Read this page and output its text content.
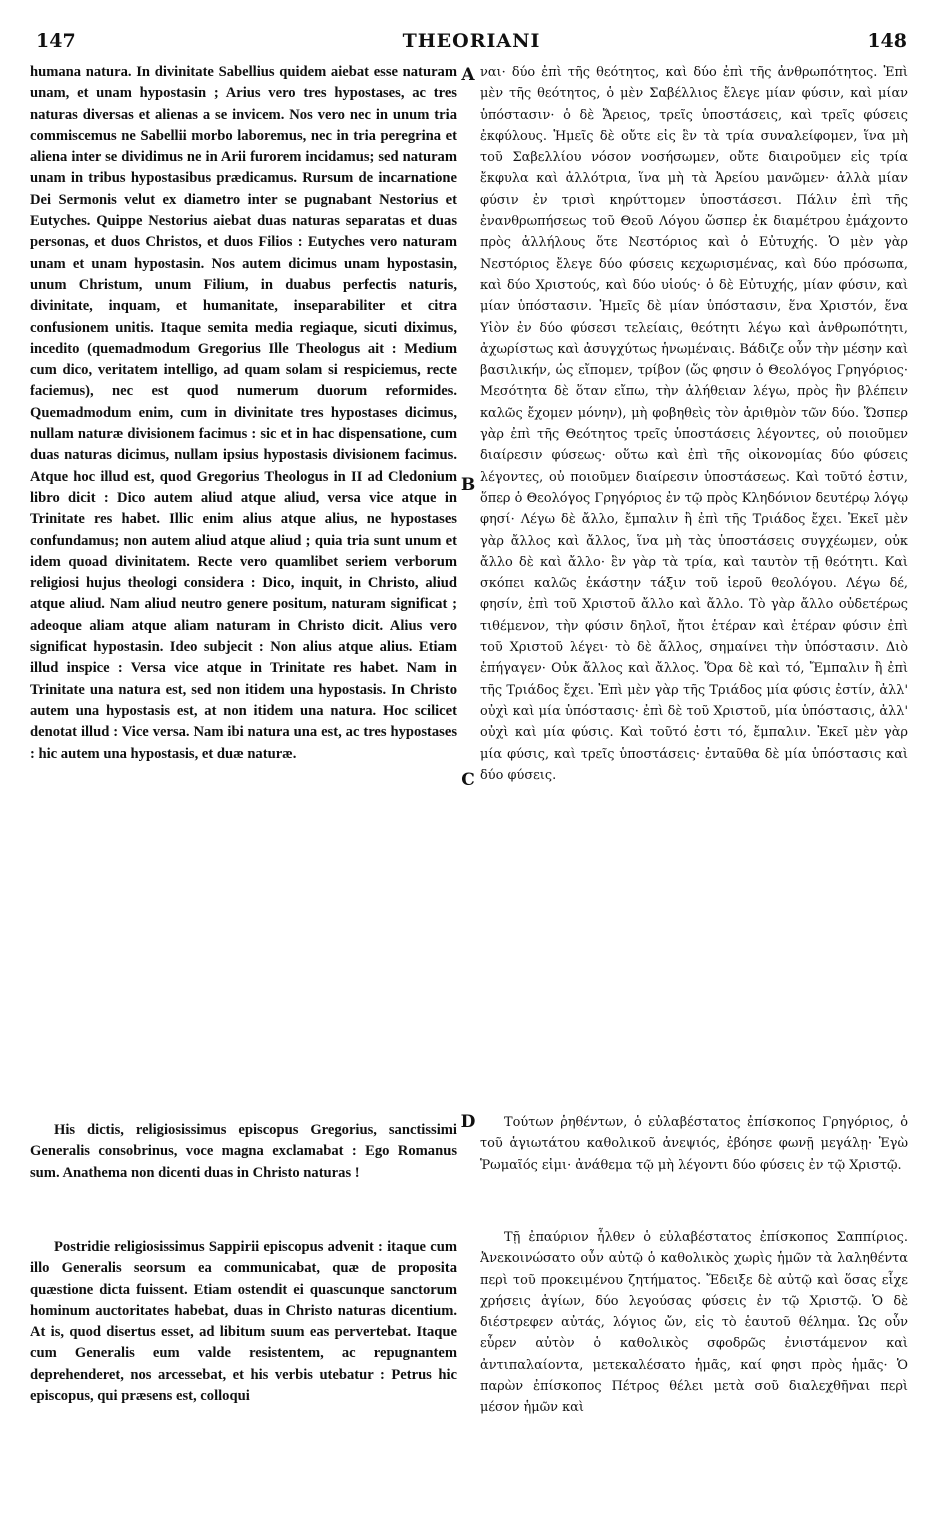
147	THEORIANI	148

humana natura. In divinitate Sabellius quidem aiebat esse naturam unam, et unam hypostasin ; Arius vero tres hypostases, ac tres naturas diversas et alienas a se invicem. Nos vero nec in unum tria commiscemus ne Sabellii morbo laboremus, nec in tria peregrina et aliena inter se dividimus ne in Arii furorem incidamus; sed naturam unam in tribus hypostasibus prædicamus. Rursum de incarnatione Dei Sermonis velut ex diametro inter se pugnabant Nestorius et Eutyches. Quippe Nestorius aiebat duas naturas separatas et duas personas, et duos Christos, et duos Filios : Eutyches vero naturam unam et unam hypostasin. Nos autem dicimus unam hypostasin, unum Christum, unum Filium, in duabus perfectis naturis, divinitate, inquam, et humanitate, inseparabiliter et citra confusionem unitis. Itaque semita media regiaque, sicuti diximus, incedito (quemadmodum Gregorius Ille Theologus ait : Medium cum dico, veritatem intelligo, ad quam solam si respiciemus, recte faciemus), nec est quod numerum duorum reformides. Quemadmodum enim, cum in divinitate tres hypostases dicimus, nullam naturæ divisionem facimus : sic et in hac dispensatione, cum duas naturas dicimus, nullam ipsius hypostasis divisionem facimus. Atque hoc illud est, quod Gregorius Theologus in II ad Cledonium libro dicit : Dico autem aliud atque aliud, versa vice atque in Trinitate res habet. Illic enim alius atque alius, ne hypostases confundamus; non autem aliud atque aliud ; quia tria sunt unum et idem quoad divinitatem. Recte vero quamlibet seriem verborum religiosi hujus theologi considera : Dico, inquit, in Christo, aliud atque aliud. Nam aliud neutro genere positum, naturam significat ; adeoque aliam atque aliam naturam in Christo dicit. Alius vero significat hypostasin. Ideo subjecit : Non alius atque alius. Etiam illud inspice : Versa vice atque in Trinitate res habet. Nam in Trinitate una natura est, sed non itidem una hypostasis. In Christo autem una hypostasis est, at non itidem una natura. Hoc scilicet denotat illud : Vice versa. Nam ibi natura una est, ac tres hypostases : hic autem una hypostasis, et duæ naturæ.

His dictis, religiosissimus episcopus Gregorius, sanctissimi Generalis consobrinus, voce magna exclamabat : Ego Romanus sum. Anathema non dicenti duas in Christo naturas !

Postridie religiosissimus Sappirii episcopus advenit : itaque cum illo Generalis seorsum ea communicabat, quæ de proposita quæstione dicta fuissent. Etiam ostendit ei quascunque sanctorum hominum auctoritates habebat, duas in Christo naturas dicentium. At is, quod disertus esset, ad libitum suum eas pervertebat. Itaque cum Generalis eum valde resistentem, ac repugnantem deprehenderet, nos arcessebat, et his verbis utebatur : Petrus hic episcopus, qui præsens est, colloqui

A
B
C
D

ναι· δύο ἐπὶ τῆς θεότητος, καὶ δύο ἐπὶ τῆς ἀνθρωπότητος. Ἐπὶ μὲν τῆς θεότητος, ὁ μὲν Σαβέλλιος ἔλεγε μίαν φύσιν, καὶ μίαν ὑπόστασιν· ὁ δὲ Ἄρειος, τρεῖς ὑποστάσεις, καὶ τρεῖς φύσεις ἐκφύλους. Ἡμεῖς δὲ οὔτε εἰς ἓν τὰ τρία συναλείφομεν, ἵνα μὴ τοῦ Σαβελλίου νόσον νοσήσωμεν, οὔτε διαιροῦμεν εἰς τρία ἔκφυλα καὶ ἀλλότρια, ἵνα μὴ τὰ Ἀρείου μανῶμεν· ἀλλὰ μίαν φύσιν ἐν τρισὶ κηρύττομεν ὑποστάσεσι. Πάλιν ἐπὶ τῆς ἐνανθρωπήσεως τοῦ Θεοῦ Λόγου ὥσπερ ἐκ διαμέτρου ἐμάχοντο πρὸς ἀλλήλους ὅτε Νεστόριος καὶ ὁ Εὐτυχής. Ὁ μὲν γὰρ Νεστόριος ἔλεγε δύο φύσεις κεχωρισμένας, καὶ δύο πρόσωπα, καὶ δύο Χριστούς, καὶ δύο υἱούς· ὁ δὲ Εὐτυχής, μίαν φύσιν, καὶ μίαν ὑπόστασιν. Ἡμεῖς δὲ μίαν ὑπόστασιν, ἕνα Χριστόν, ἕνα Υἱὸν ἐν δύο φύσεσι τελείαις, θεότητι λέγω καὶ ἀνθρωπότητι, ἀχωρίστως καὶ ἀσυγχύτως ἡνωμέναις. Βάδιζε οὖν τὴν μέσην καὶ βασιλικήν, ὡς εἴπομεν, τρίβον (ὥς φησιν ὁ Θεολόγος Γρηγόριος· Μεσότητα δὲ ὅταν εἴπω, τὴν ἀλήθειαν λέγω, πρὸς ἣν βλέπειν καλῶς ἔχομεν μόνην), μὴ φοβηθεὶς τὸν ἀριθμὸν τῶν δύο. Ὥσπερ γὰρ ἐπὶ τῆς Θεότητος τρεῖς ὑποστάσεις λέγοντες, οὐ ποιοῦμεν διαίρεσιν φύσεως· οὕτω καὶ ἐπὶ τῆς οἰκονομίας δύο φύσεις λέγοντες, οὐ ποιοῦμεν διαίρεσιν ὑποστάσεως. Καὶ τοῦτό ἐστιν, ὅπερ ὁ Θεολόγος Γρηγόριος ἐν τῷ πρὸς Κληδόνιον δευτέρῳ λόγῳ φησί· Λέγω δὲ ἄλλο, ἔμπαλιν ἢ ἐπὶ τῆς Τριάδος ἔχει. Ἐκεῖ μὲν γὰρ ἄλλος καὶ ἄλλος, ἵνα μὴ τὰς ὑποστάσεις συγχέωμεν, οὐκ ἄλλο δὲ καὶ ἄλλο· ἓν γὰρ τὰ τρία, καὶ ταυτὸν τῇ θεότητι. Καὶ σκόπει καλῶς ἑκάστην τάξιν τοῦ ἱεροῦ θεολόγου. Λέγω δέ, φησίν, ἐπὶ τοῦ Χριστοῦ ἄλλο καὶ ἄλλο. Τὸ γὰρ ἄλλο οὐδετέρως τιθέμενον, τὴν φύσιν δηλοῖ, ἤτοι ἑτέραν καὶ ἑτέραν φύσιν ἐπὶ τοῦ Χριστοῦ λέγει· τὸ δὲ ἄλλος, σημαίνει τὴν ὑπόστασιν. Διὸ ἐπήγαγεν· Οὐκ ἄλλος καὶ ἄλλος. Ὅρα δὲ καὶ τό, Ἔμπαλιν ἢ ἐπὶ τῆς Τριάδος ἔχει. Ἐπὶ μὲν γὰρ τῆς Τριάδος μία φύσις ἐστίν, ἀλλ' οὐχὶ καὶ μία ὑπόστασις· ἐπὶ δὲ τοῦ Χριστοῦ, μία ὑπόστασις, ἀλλ' οὐχὶ καὶ μία φύσις. Καὶ τοῦτό ἐστι τό, ἔμπαλιν. Ἐκεῖ μὲν γὰρ μία φύσις, καὶ τρεῖς ὑποστάσεις· ἐνταῦθα δὲ μία ὑπόστασις καὶ δύο φύσεις.

Τούτων ῥηθέντων, ὁ εὐλαβέστατος ἐπίσκοπος Γρηγόριος, ὁ τοῦ ἁγιωτάτου καθολικοῦ ἀνεψιός, ἐβόησε φωνῇ μεγάλῃ· Ἐγὼ Ῥωμαῖός εἰμι· ἀνάθεμα τῷ μὴ λέγοντι δύο φύσεις ἐν τῷ Χριστῷ.

Τῇ ἐπαύριον ἦλθεν ὁ εὐλαβέστατος ἐπίσκοπος Σαππίριος. Ἀνεκοινώσατο οὖν αὐτῷ ὁ καθολικὸς χωρὶς ἡμῶν τὰ λαληθέντα περὶ τοῦ προκειμένου ζητήματος. Ἔδειξε δὲ αὐτῷ καὶ ὅσας εἶχε χρήσεις ἁγίων, δύο λεγούσας φύσεις ἐν τῷ Χριστῷ. Ὁ δὲ διέστρεφεν αὐτάς, λόγιος ὤν, εἰς τὸ ἑαυτοῦ θέλημα. Ὡς οὖν εὗρεν αὐτὸν ὁ καθολικὸς σφοδρῶς ἐνιστάμενον καὶ ἀντιπαλαίοντα, μετεκαλέσατο ἡμᾶς, καί φησι πρὸς ἡμᾶς· Ὁ παρὼν ἐπίσκοπος Πέτρος θέλει μετὰ σοῦ διαλεχθῆναι περὶ μέσον ἡμῶν καὶ
